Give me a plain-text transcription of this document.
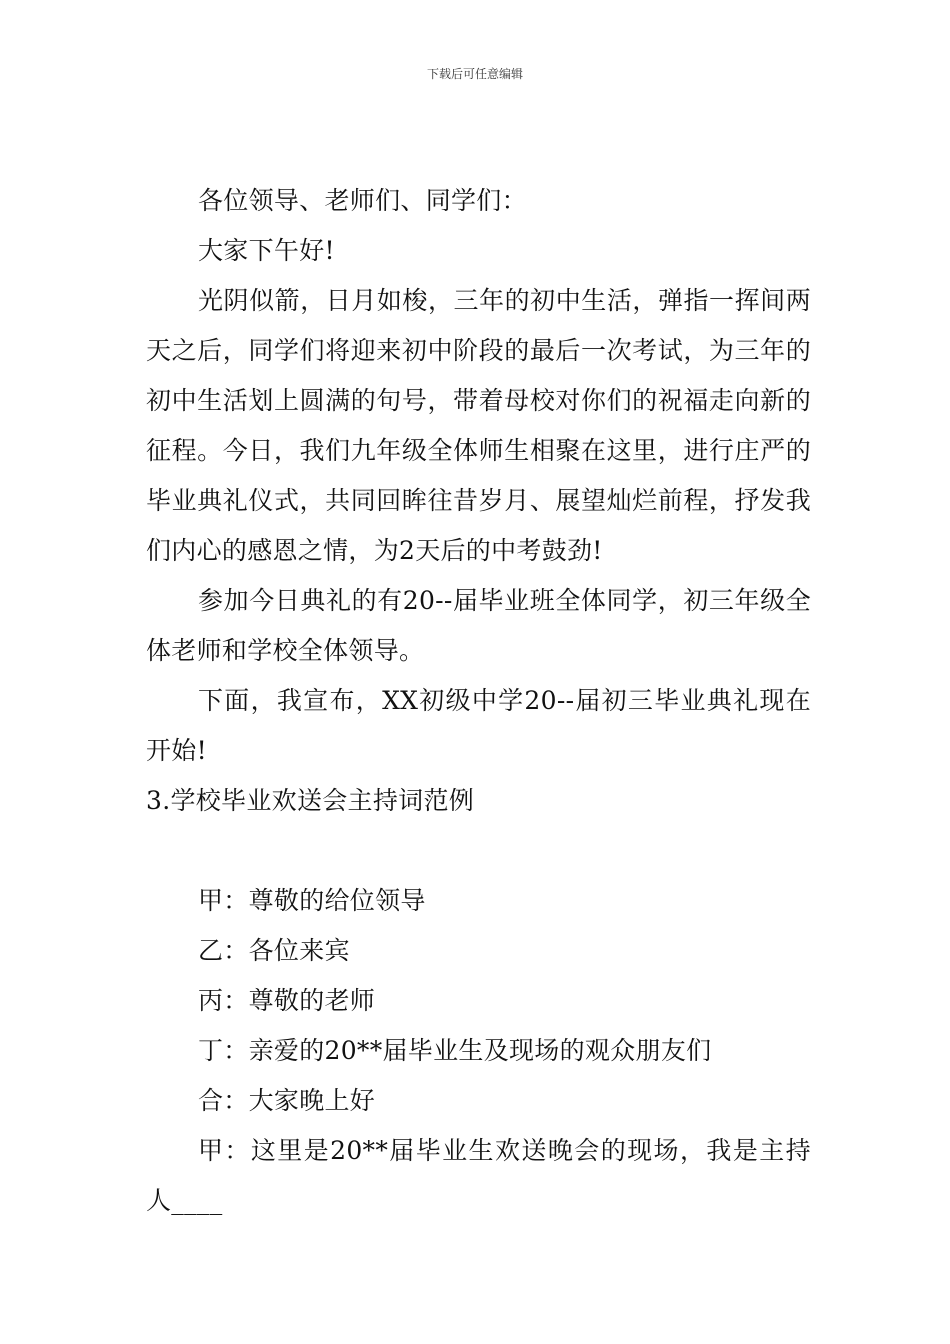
下载后可任意编辑

各位领导、老师们、同学们：

大家下午好!

光阴似箭，日月如梭，三年的初中生活，弹指一挥间两天之后，同学们将迎来初中阶段的最后一次考试，为三年的初中生活划上圆满的句号，带着母校对你们的祝福走向新的征程。今日，我们九年级全体师生相聚在这里，进行庄严的毕业典礼仪式，共同回眸往昔岁月、展望灿烂前程，抒发我们内心的感恩之情，为2天后的中考鼓劲!

参加今日典礼的有20--届毕业班全体同学，初三年级全体老师和学校全体领导。

下面，我宣布，XX初级中学20--届初三毕业典礼现在开始!

3.学校毕业欢送会主持词范例

甲：尊敬的给位领导

乙：各位来宾

丙：尊敬的老师

丁：亲爱的20**届毕业生及现场的观众朋友们

合：大家晚上好

甲：这里是20**届毕业生欢送晚会的现场，我是主持人____
